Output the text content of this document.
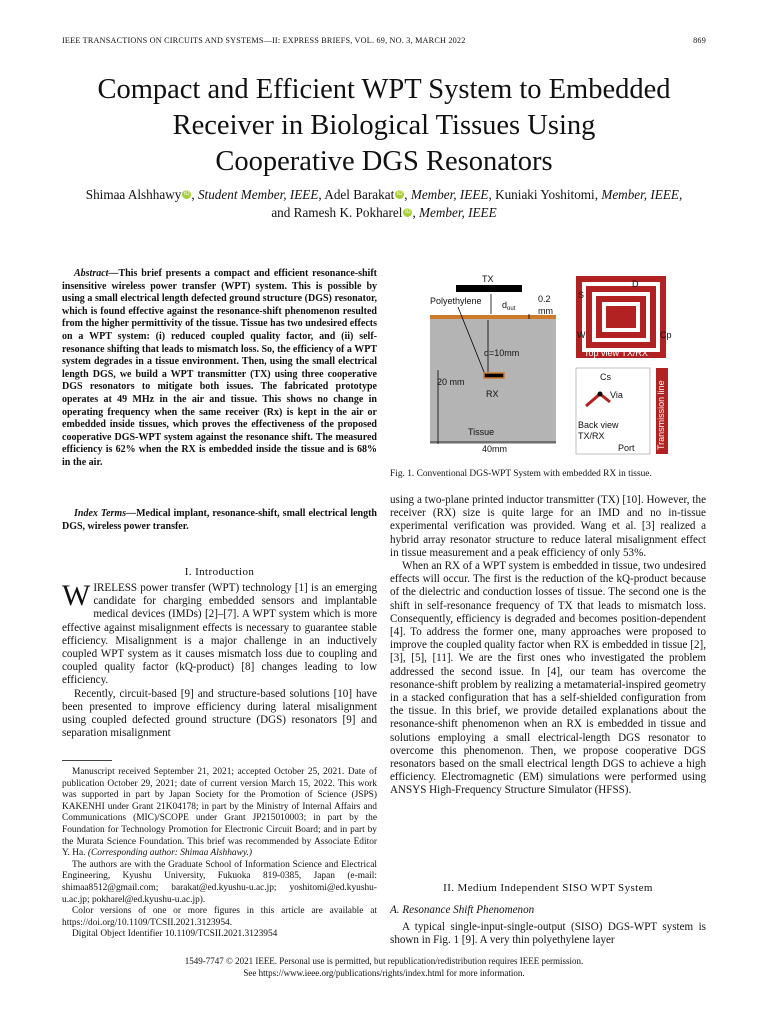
IEEE TRANSACTIONS ON CIRCUITS AND SYSTEMS—II: EXPRESS BRIEFS, VOL. 69, NO. 3, MARCH 2022	869
Compact and Efficient WPT System to Embedded
Receiver in Biological Tissues Using
Cooperative DGS Resonators
Shimaa Alshhawy iD , Student Member, IEEE, Adel Barakat iD , Member, IEEE, Kuniaki Yoshitomi, Member, IEEE,
and Ramesh K. Pokharel iD , Member, IEEE
Abstract—This brief presents a compact and efficient resonance-shift insensitive wireless power transfer (WPT) system. This is possible by using a small electrical length defected ground structure (DGS) resonator, which is found effective against the resonance-shift phenomenon resulted from the higher permittivity of the tissue. Tissue has two undesired effects on a WPT system: (i) reduced coupled quality factor, and (ii) self-resonance shifting that leads to mismatch loss. So, the efficiency of a WPT system degrades in a tissue environment. Then, using the small electrical length DGS, we build a WPT transmitter (TX) using three cooperative DGS resonators to mitigate both issues. The fabricated prototype operates at 49 MHz in the air and tissue. This shows no change in operating frequency when the same receiver (Rx) is kept in the air or embedded inside tissues, which proves the effectiveness of the proposed cooperative DGS-WPT system against the resonance shift. The measured efficiency is 62% when the RX is embedded inside the tissue and is 68% in the air.
Index Terms—Medical implant, resonance-shift, small electrical length DGS, wireless power transfer.
I. Introduction

WIRELESS power transfer (WPT) technology [1] is an emerging candidate for charging embedded sensors and implantable medical devices (IMDs) [2]–[7]. A WPT system which is more effective against misalignment effects is necessary to guarantee stable efficiency. Misalignment is a major challenge in an inductively coupled WPT system as it causes mismatch loss due to coupling and coupled quality factor (kQ-product) [8] changes leading to low efficiency.

Recently, circuit-based [9] and structure-based solutions [10] have been presented to improve efficiency during lateral misalignment using coupled defected ground structure (DGS) resonators [9] and separation misalignment

Manuscript received September 21, 2021; accepted October 25, 2021. Date of publication October 29, 2021; date of current version March 15, 2022. This work was supported in part by Japan Society for the Promotion of Science (JSPS) KAKENHI under Grant 21K04178; in part by the Ministry of Internal Affairs and Communications (MIC)/SCOPE under Grant JP215010003; in part by the Foundation for Technology Promotion for Electronic Circuit Board; and in part by the Murata Science Foundation. This brief was recommended by Associate Editor Y. Ha. (Corresponding author: Shimaa Alshhawy.)

The authors are with the Graduate School of Information Science and Electrical Engineering, Kyushu University, Fukuoka 819-0385, Japan (e-mail: shimaa8512@gmail.com; barakat@ed.kyushu-u.ac.jp; yoshitomi@ed.kyushu-u.ac.jp; pokharel@ed.kyushu-u.ac.jp).

Color versions of one or more figures in this article are available at https://doi.org/10.1109/TCSII.2021.3123954.

Digital Object Identifier 10.1109/TCSII.2021.3123954

TX
Polyethylene $d_{out}$
0.2
mm
d=10mm
RX
20 mm
Tissue
40mm
D
S
W	Cp
Top view TX/RX
Cs
Via
Back view
TX/RX
Port Transmission line
Fig. 1. Conventional DGS-WPT System with embedded RX in tissue.

using a two-plane printed inductor transmitter (TX) [10]. However, the receiver (RX) size is quite large for an IMD and no in-tissue experimental verification was provided. Wang et al. [3] realized a hybrid array resonator structure to reduce lateral misalignment effect in tissue measurement and a peak efficiency of only 53%.

When an RX of a WPT system is embedded in tissue, two undesired effects will occur. The first is the reduction of the kQ-product because of the dielectric and conduction losses of tissue. The second one is the shift in self-resonance frequency of TX that leads to mismatch loss. Consequently, efficiency is degraded and becomes position-dependent [4]. To address the former one, many approaches were proposed to improve the coupled quality factor when RX is embedded in tissue [2], [3], [5], [11]. We are the first ones who investigated the problem addressed the second issue. In [4], our team has overcome the resonance-shift problem by realizing a metamaterial-inspired geometry in a stacked configuration that has a self-shielded configuration from the tissue. In this brief, we provide detailed explanations about the resonance-shift phenomenon when an RX is embedded in tissue and solutions employing a small electrical-length DGS resonator to overcome this phenomenon. Then, we propose cooperative DGS resonators based on the small electrical length DGS to achieve a high efficiency. Electromagnetic (EM) simulations were performed using ANSYS High-Frequency Structure Simulator (HFSS).

II. Medium Independent SISO WPT System
A. Resonance Shift Phenomenon

A typical single-input-single-output (SISO) DGS-WPT system is shown in Fig. 1 [9]. A very thin polyethylene layer

1549-7747 © 2021 IEEE. Personal use is permitted, but republication/redistribution requires IEEE permission.
See https://www.ieee.org/publications/rights/index.html for more information.
